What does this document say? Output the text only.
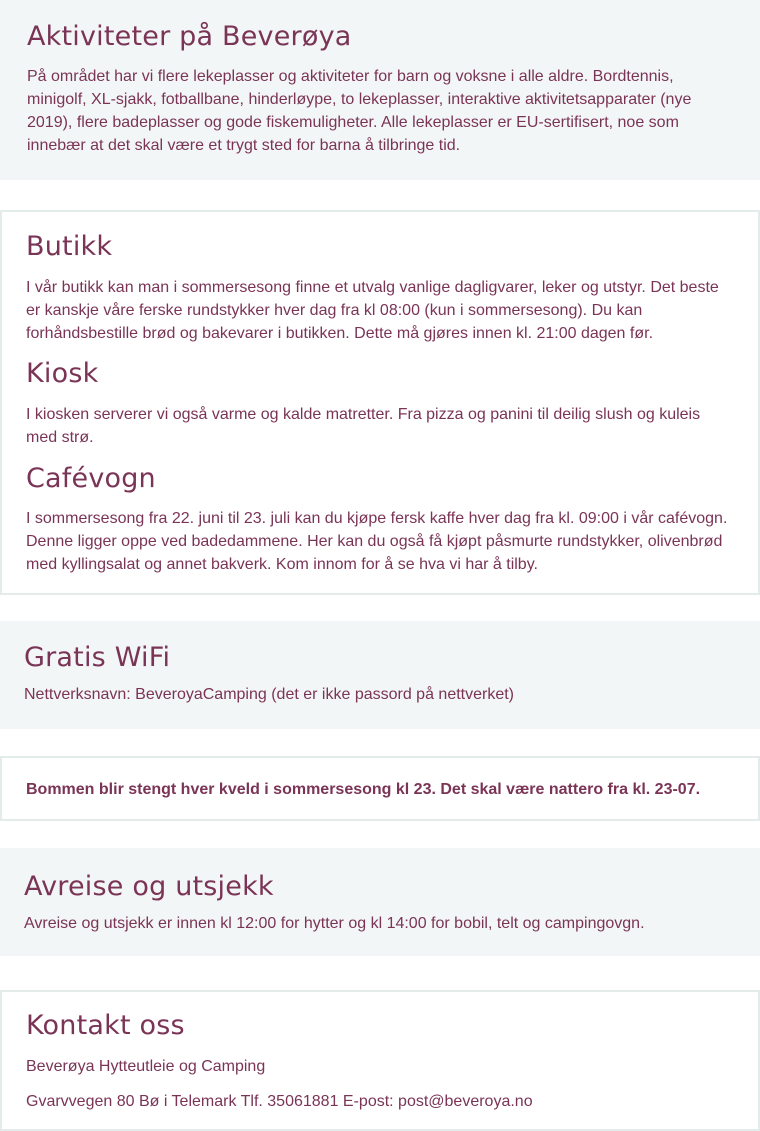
Aktiviteter på Beverøya

På området har vi flere lekeplasser og aktiviteter for barn og voksne i alle aldre. Bordtennis, minigolf, XL-sjakk, fotballbane, hinderløype, to lekeplasser, interaktive aktivitetsapparater (nye 2019), flere badeplasser og gode fiskemuligheter. Alle lekeplasser er EU-sertifisert, noe som innebær at det skal være et trygt sted for barna å tilbringe tid.

Butikk

I vår butikk kan man i sommersesong finne et utvalg vanlige dagligvarer, leker og utstyr. Det beste er kanskje våre ferske rundstykker hver dag fra kl 08:00 (kun i sommersesong). Du kan forhåndsbestille brød og bakevarer i butikken. Dette må gjøres innen kl. 21:00 dagen før.

Kiosk

I kiosken serverer vi også varme og kalde matretter. Fra pizza og panini til deilig slush og kuleis med strø.

Cafévogn

I sommersesong fra 22. juni til 23. juli kan du kjøpe fersk kaffe hver dag fra kl. 09:00 i vår cafévogn. Denne ligger oppe ved badedammene. Her kan du også få kjøpt påsmurte rundstykker, olivenbrød med kyllingsalat og annet bakverk. Kom innom for å se hva vi har å tilby.

Gratis WiFi

Nettverksnavn: BeveroyaCamping (det er ikke passord på nettverket)

Bommen blir stengt hver kveld i sommersesong kl 23. Det skal være nattero fra kl. 23-07.

Avreise og utsjekk

Avreise og utsjekk er innen kl 12:00 for hytter og kl 14:00 for bobil, telt og campingovgn.

Kontakt oss

Beverøya Hytteutleie og Camping

Gvarvvegen 80 Bø i Telemark Tlf. 35061881 E-post: post@beveroya.no
